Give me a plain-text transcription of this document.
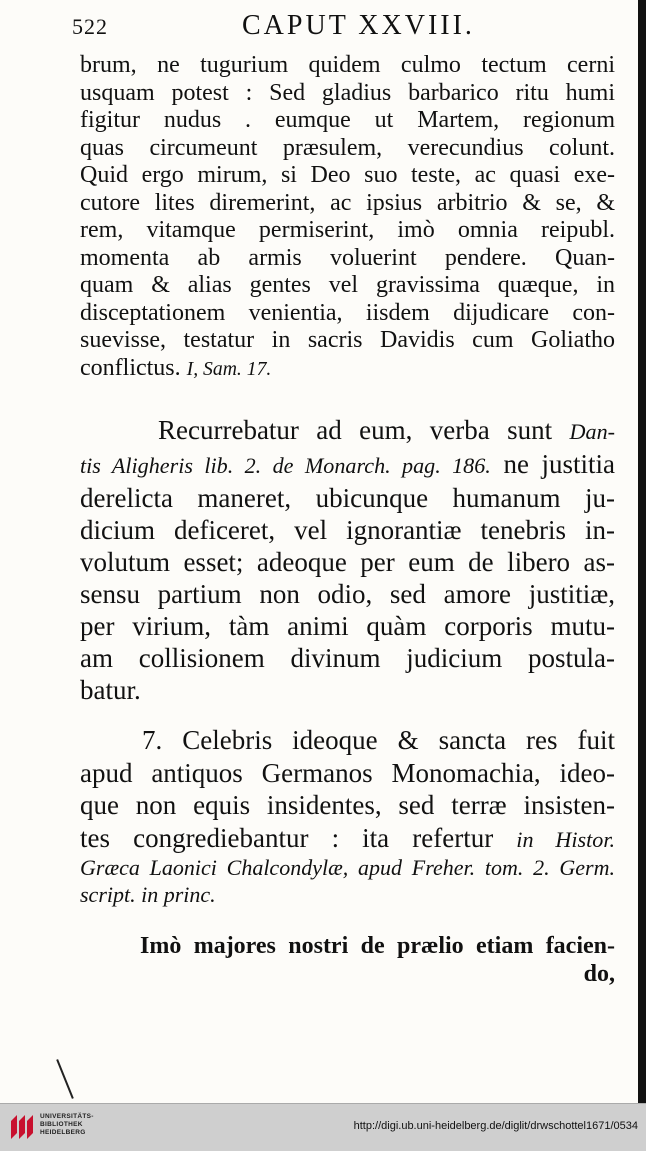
522	CAPUT XXVIII.
brum, ne tugurium quidem culmo tectum cerni
usquam potest : Sed gladius barbarico ritu humi
figitur nudus . eumque ut Martem, regionum
quas circumeunt præsulem, verecundius colunt.
Quid ergo mirum, si Deo suo teste, ac quasi exe-
cutore lites diremerint, ac ipsius arbitrio & se, &
rem, vitamque permiserint, imò omnia reipubl.
momenta ab armis voluerint pendere. Quan-
quam & alias gentes vel gravissima quæque, in
disceptationem venientia, iisdem dijudicare con-
suevisse, testatur in sacris Davidis cum Goliatho
conflictus. I, Sam. 17.
Recurrebatur ad eum, verba sunt Dan-
tis Aligheris lib. 2. de Monarch. pag. 186. ne justitia
derelicta maneret, ubicunque humanum ju-
dicium deficeret, vel ignorantiæ tenebris in-
volutum esset; adeoque per eum de libero as-
sensu partium non odio, sed amore justitiæ,
per virium, tàm animi quàm corporis mutu-
am collisionem divinum judicium postula-
batur.
7. Celebris ideoque & sancta res fuit
apud antiquos Germanos Monomachia, ideo-
que non equis insidentes, sed terræ insisten-
tes congrediebantur : ita refertur in Histor.
Græca Laonici Chalcondylæ, apud Freher. tom. 2. Germ.
script. in princ.
Imò majores nostri de prælio etiam facien-
do,
UNIVERSITÄTS-
BIBLIOTHEK
HEIDELBERG
http://digi.ub.uni-heidelberg.de/diglit/drwschottel1671/0534
